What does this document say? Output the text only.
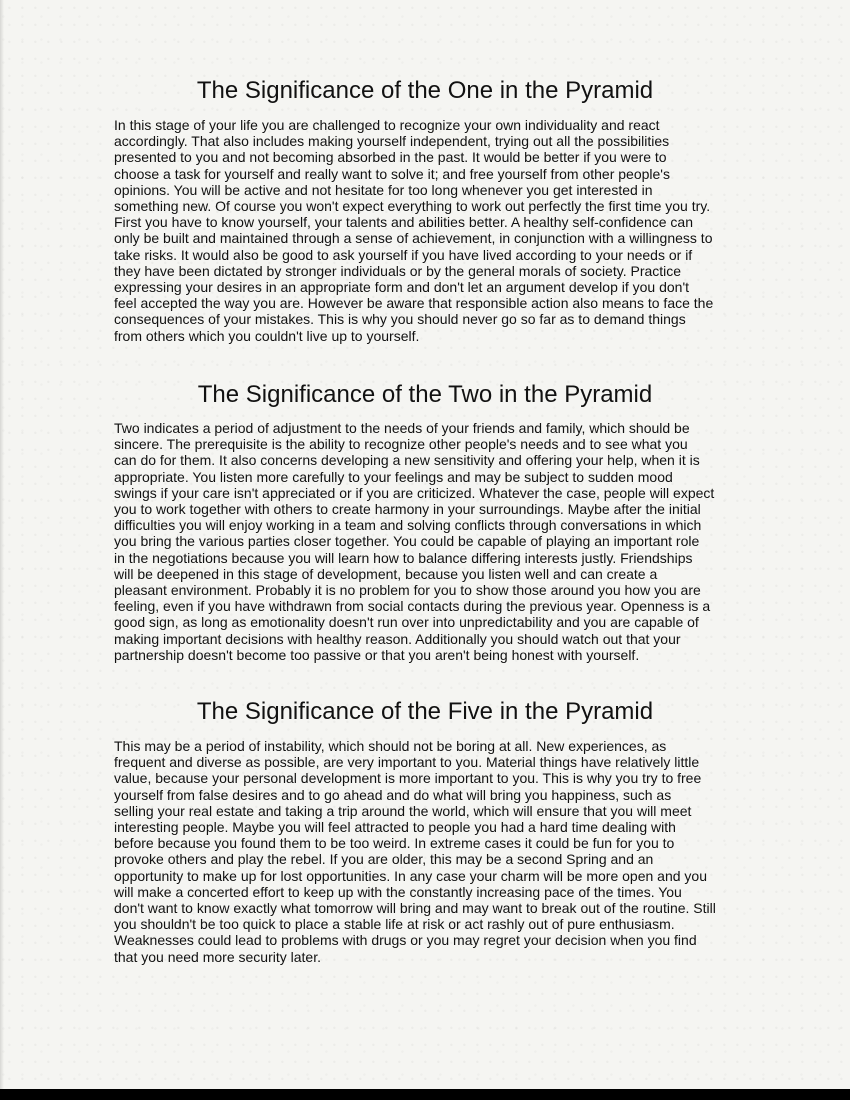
The Significance of the One in the Pyramid

In this stage of your life you are challenged to recognize your own individuality and react
accordingly. That also includes making yourself independent, trying out all the possibilities
presented to you and not becoming absorbed in the past. It would be better if you were to
choose a task for yourself and really want to solve it; and free yourself from other people's
opinions. You will be active and not hesitate for too long whenever you get interested in
something new. Of course you won't expect everything to work out perfectly the first time you try.
First you have to know yourself, your talents and abilities better. A healthy self-confidence can
only be built and maintained through a sense of achievement, in conjunction with a willingness to
take risks. It would also be good to ask yourself if you have lived according to your needs or if
they have been dictated by stronger individuals or by the general morals of society. Practice
expressing your desires in an appropriate form and don't let an argument develop if you don't
feel accepted the way you are. However be aware that responsible action also means to face the
consequences of your mistakes. This is why you should never go so far as to demand things
from others which you couldn't live up to yourself.

The Significance of the Two in the Pyramid

Two indicates a period of adjustment to the needs of your friends and family, which should be
sincere. The prerequisite is the ability to recognize other people's needs and to see what you
can do for them. It also concerns developing a new sensitivity and offering your help, when it is
appropriate. You listen more carefully to your feelings and may be subject to sudden mood
swings if your care isn't appreciated or if you are criticized. Whatever the case, people will expect
you to work together with others to create harmony in your surroundings. Maybe after the initial
difficulties you will enjoy working in a team and solving conflicts through conversations in which
you bring the various parties closer together. You could be capable of playing an important role
in the negotiations because you will learn how to balance differing interests justly. Friendships
will be deepened in this stage of development, because you listen well and can create a
pleasant environment. Probably it is no problem for you to show those around you how you are
feeling, even if you have withdrawn from social contacts during the previous year. Openness is a
good sign, as long as emotionality doesn't run over into unpredictability and you are capable of
making important decisions with healthy reason. Additionally you should watch out that your
partnership doesn't become too passive or that you aren't being honest with yourself.

The Significance of the Five in the Pyramid

This may be a period of instability, which should not be boring at all. New experiences, as
frequent and diverse as possible, are very important to you. Material things have relatively little
value, because your personal development is more important to you. This is why you try to free
yourself from false desires and to go ahead and do what will bring you happiness, such as
selling your real estate and taking a trip around the world, which will ensure that you will meet
interesting people. Maybe you will feel attracted to people you had a hard time dealing with
before because you found them to be too weird. In extreme cases it could be fun for you to
provoke others and play the rebel. If you are older, this may be a second Spring and an
opportunity to make up for lost opportunities. In any case your charm will be more open and you
will make a concerted effort to keep up with the constantly increasing pace of the times. You
don't want to know exactly what tomorrow will bring and may want to break out of the routine. Still
you shouldn't be too quick to place a stable life at risk or act rashly out of pure enthusiasm.
Weaknesses could lead to problems with drugs or you may regret your decision when you find
that you need more security later.
